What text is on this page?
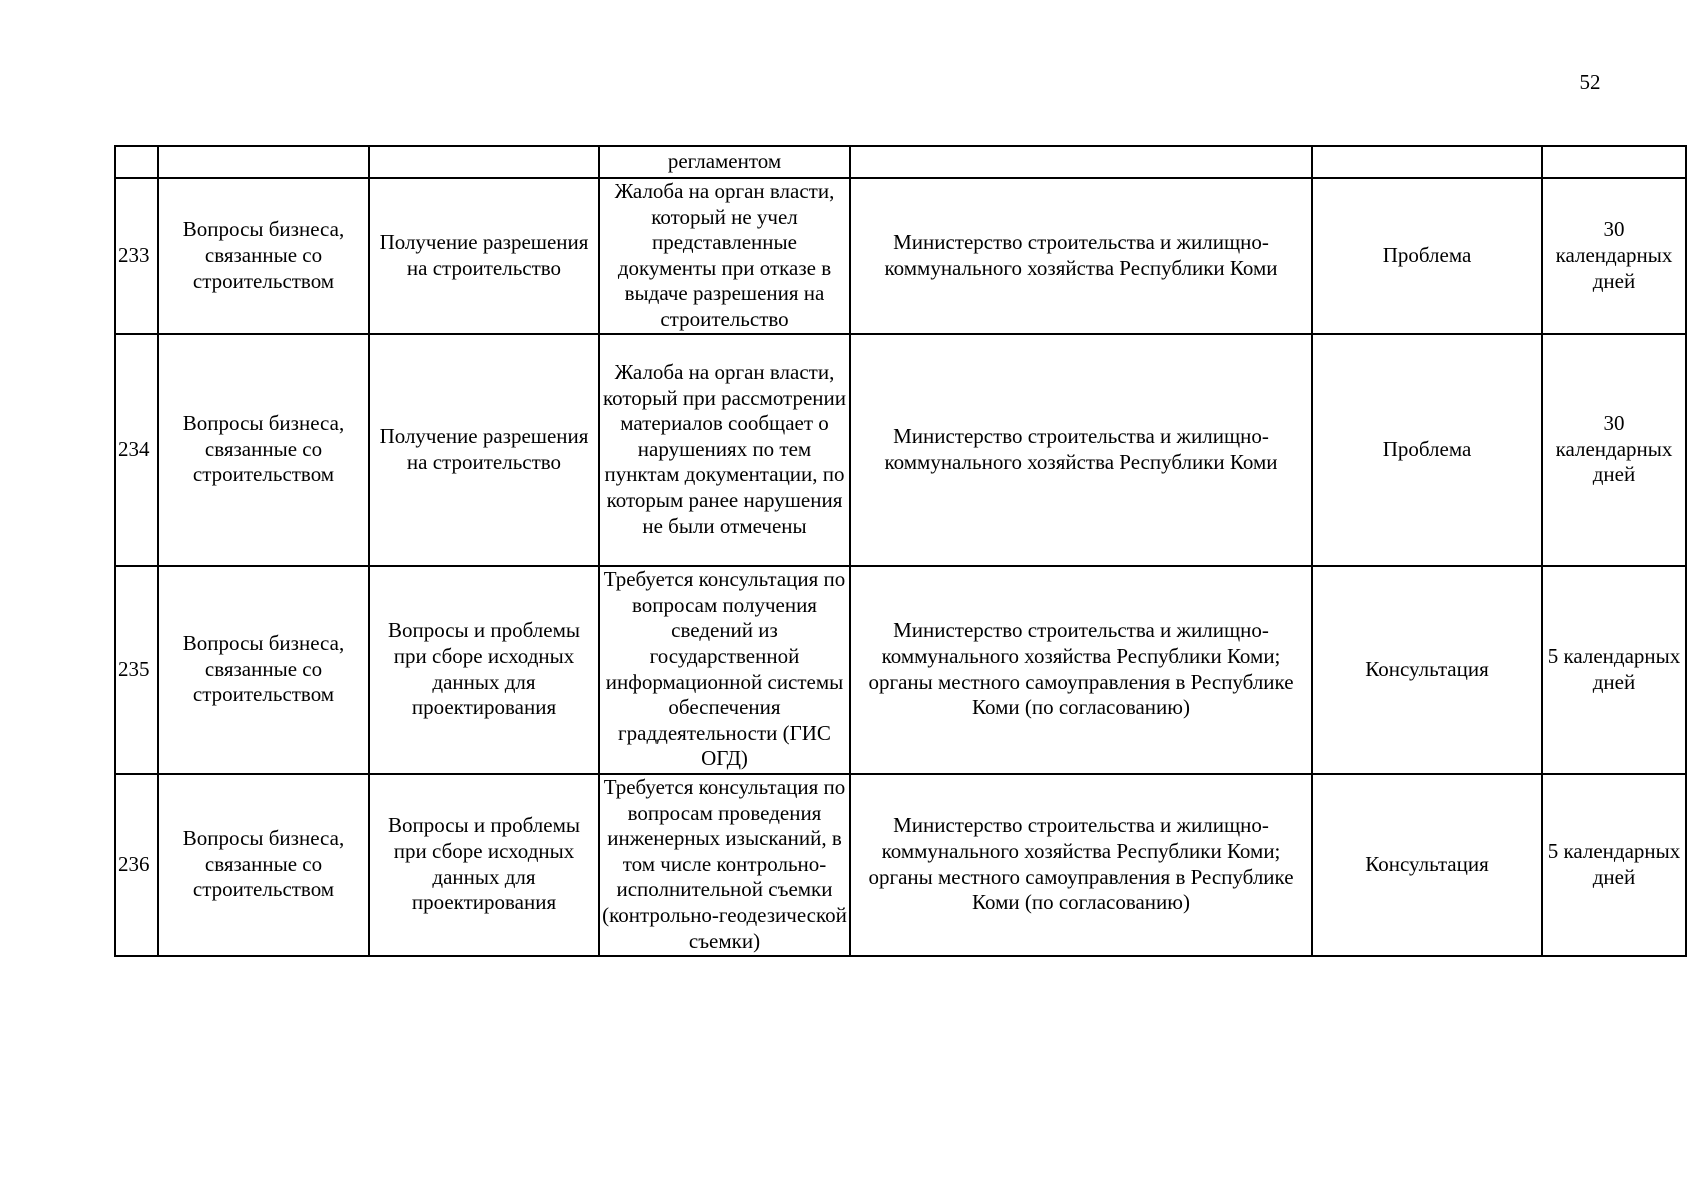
52
			регламентом			
233	Вопросы бизнеса, связанные со строительством	Получение разрешения на строительство	Жалоба на орган власти, который не учел представленные документы при отказе в выдаче разрешения на строительство	Министерство строительства и жилищно-коммунального хозяйства Республики Коми	Проблема	30 календарных дней
234	Вопросы бизнеса, связанные со строительством	Получение разрешения на строительство	Жалоба на орган власти, который при рассмотрении материалов сообщает о нарушениях по тем пунктам документации, по которым ранее нарушения не были отмечены	Министерство строительства и жилищно-коммунального хозяйства Республики Коми	Проблема	30 календарных дней
235	Вопросы бизнеса, связанные со строительством	Вопросы и проблемы при сборе исходных данных для проектирования	Требуется консультация по вопросам получения сведений из государственной информационной системы обеспечения граддеятельности (ГИС ОГД)	Министерство строительства и жилищно-коммунального хозяйства Республики Коми; органы местного самоуправления в Республике Коми (по согласованию)	Консультация	5 календарных дней
236	Вопросы бизнеса, связанные со строительством	Вопросы и проблемы при сборе исходных данных для проектирования	Требуется консультация по вопросам проведения инженерных изысканий, в том числе контрольно-исполнительной съемки (контрольно-геодезической съемки)	Министерство строительства и жилищно-коммунального хозяйства Республики Коми; органы местного самоуправления в Республике Коми (по согласованию)	Консультация	5 календарных дней
